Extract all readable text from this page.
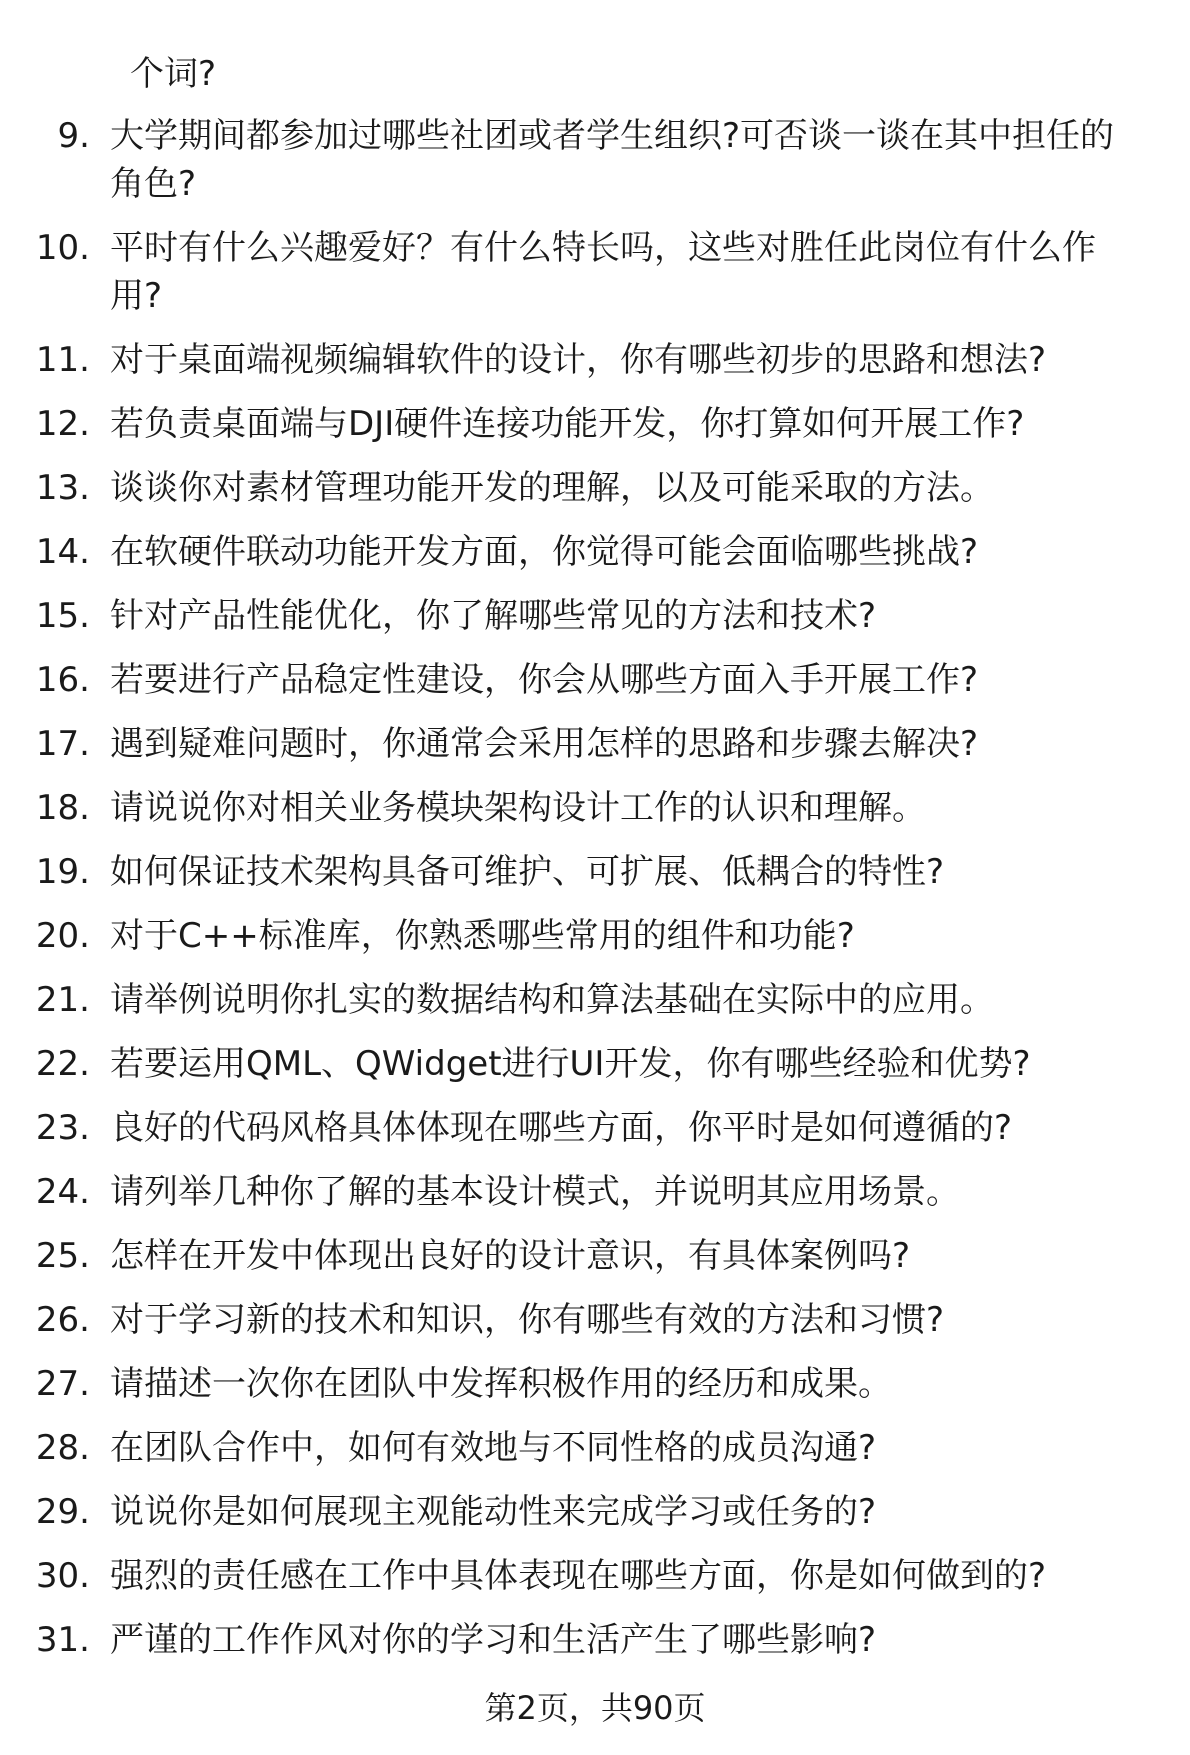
个词?
9. 大学期间都参加过哪些社团或者学生组织?可否谈一谈在其中担任的角色?
10. 平时有什么兴趣爱好？有什么特长吗，这些对胜任此岗位有什么作用?
11. 对于桌面端视频编辑软件的设计，你有哪些初步的思路和想法?
12. 若负责桌面端与DJI硬件连接功能开发，你打算如何开展工作?
13. 谈谈你对素材管理功能开发的理解，以及可能采取的方法。
14. 在软硬件联动功能开发方面，你觉得可能会面临哪些挑战?
15. 针对产品性能优化，你了解哪些常见的方法和技术?
16. 若要进行产品稳定性建设，你会从哪些方面入手开展工作?
17. 遇到疑难问题时，你通常会采用怎样的思路和步骤去解决?
18. 请说说你对相关业务模块架构设计工作的认识和理解。
19. 如何保证技术架构具备可维护、可扩展、低耦合的特性?
20. 对于C++标准库，你熟悉哪些常用的组件和功能?
21. 请举例说明你扎实的数据结构和算法基础在实际中的应用。
22. 若要运用QML、QWidget进行UI开发，你有哪些经验和优势?
23. 良好的代码风格具体体现在哪些方面，你平时是如何遵循的?
24. 请列举几种你了解的基本设计模式，并说明其应用场景。
25. 怎样在开发中体现出良好的设计意识，有具体案例吗?
26. 对于学习新的技术和知识，你有哪些有效的方法和习惯?
27. 请描述一次你在团队中发挥积极作用的经历和成果。
28. 在团队合作中，如何有效地与不同性格的成员沟通?
29. 说说你是如何展现主观能动性来完成学习或任务的?
30. 强烈的责任感在工作中具体表现在哪些方面，你是如何做到的?
31. 严谨的工作作风对你的学习和生活产生了哪些影响?
第2页，共90页
